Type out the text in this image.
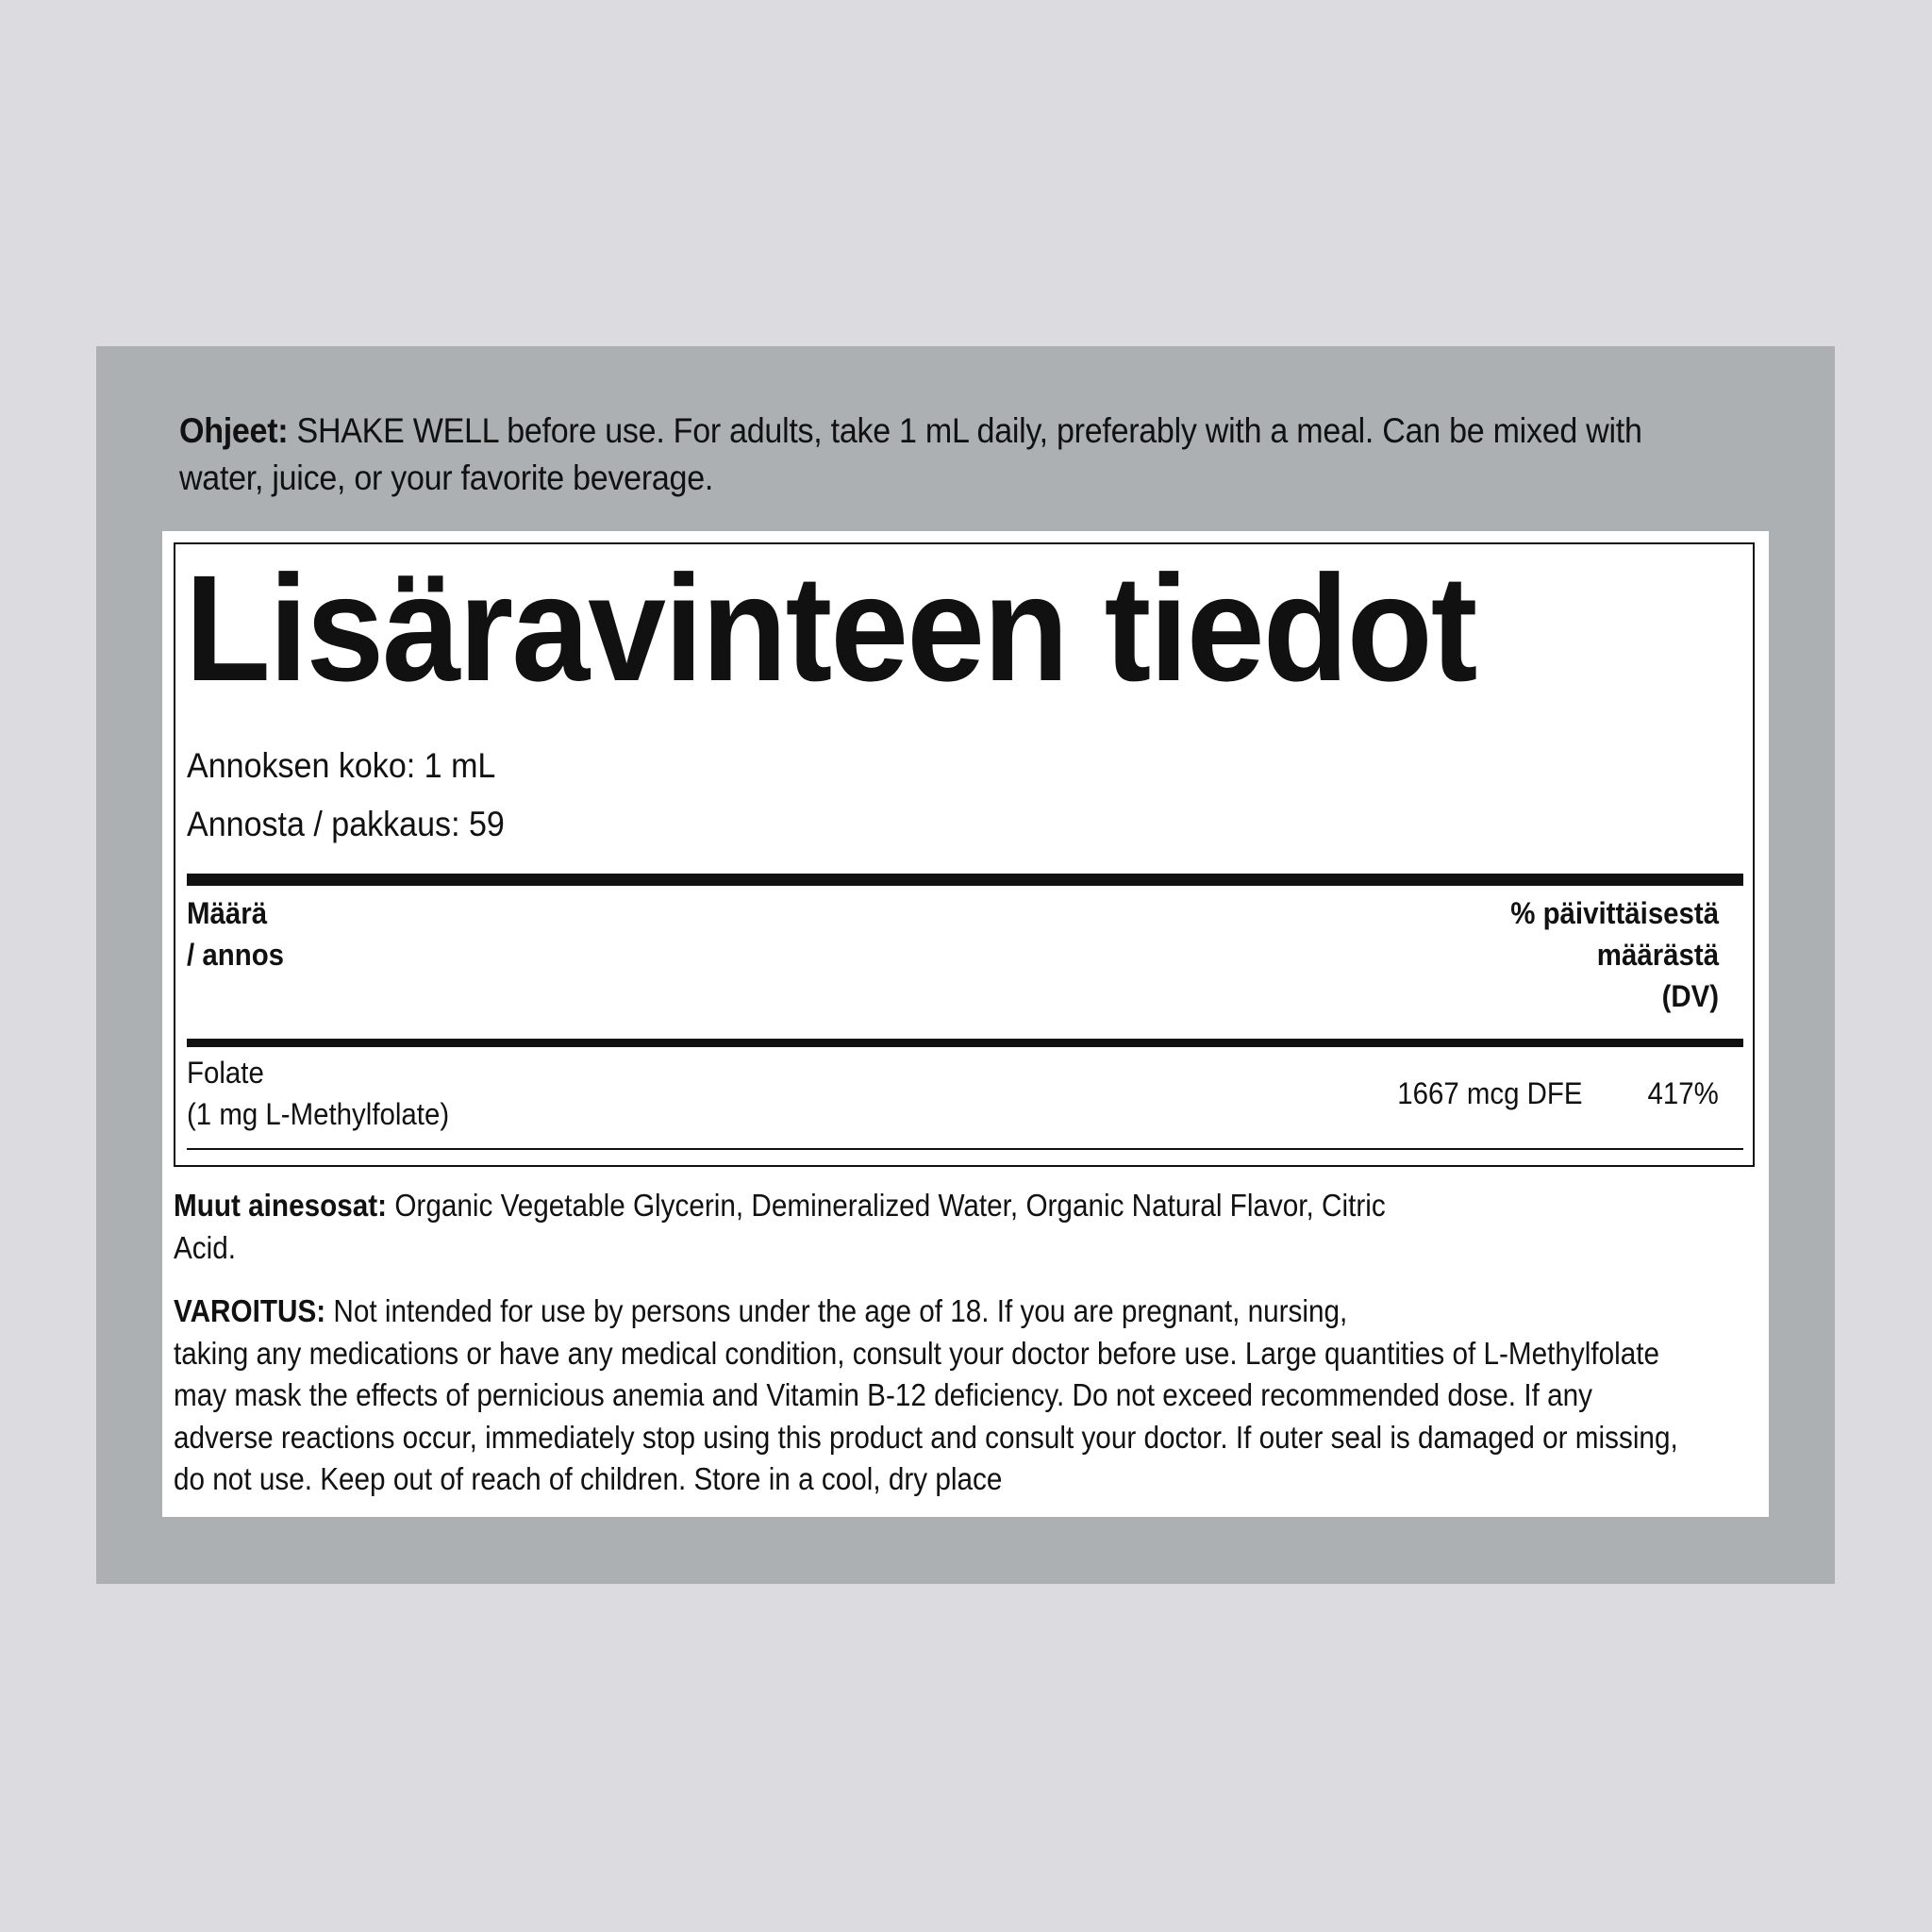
Ohjeet: SHAKE WELL before use. For adults, take 1 mL daily, preferably with a meal. Can be mixed with
water, juice, or your favorite beverage.
Lisäravinteen tiedot
Annoksen koko: 1 mL
Annosta / pakkaus: 59
Määrä
/ annos
% päivittäisestä
määrästä
(DV)
Folate
(1 mg L-Methylfolate)
1667 mcg DFE 417%
Muut ainesosat: Organic Vegetable Glycerin, Demineralized Water, Organic Natural Flavor, Citric
Acid.
VAROITUS: Not intended for use by persons under the age of 18. If you are pregnant, nursing,
taking any medications or have any medical condition, consult your doctor before use. Large quantities of L-Methylfolate
may mask the effects of pernicious anemia and Vitamin B-12 deficiency. Do not exceed recommended dose. If any
adverse reactions occur, immediately stop using this product and consult your doctor. If outer seal is damaged or missing,
do not use. Keep out of reach of children. Store in a cool, dry place
